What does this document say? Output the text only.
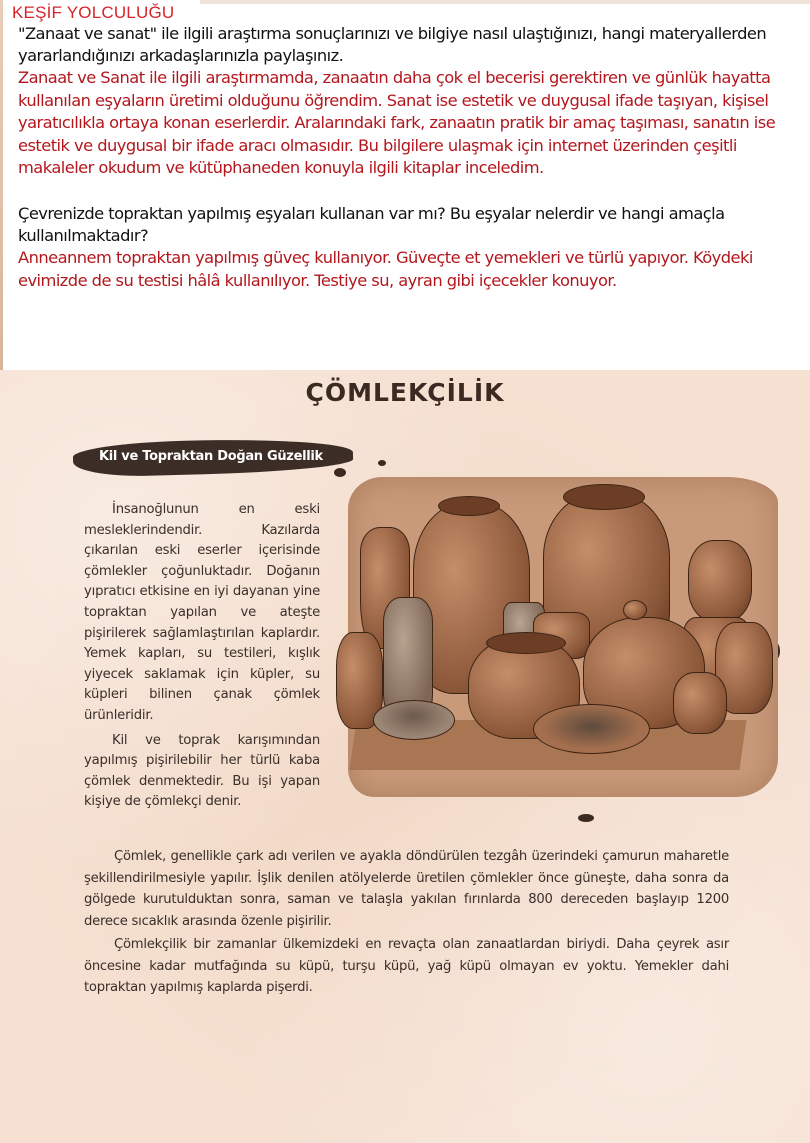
KEŞİF YOLCULUĞU
"Zanaat ve sanat" ile ilgili araştırma sonuçlarınızı ve bilgiye nasıl ulaştığınızı, hangi materyallerden yararlandığınızı arkadaşlarınızla paylaşınız.
Zanaat ve Sanat ile ilgili araştırmamda, zanaatın daha çok el becerisi gerektiren ve günlük hayatta kullanılan eşyaların üretimi olduğunu öğrendim. Sanat ise estetik ve duygusal ifade taşıyan, kişisel yaratıcılıkla ortaya konan eserlerdir. Aralarındaki fark, zanaatın pratik bir amaç taşıması, sanatın ise estetik ve duygusal bir ifade aracı olmasıdır. Bu bilgilere ulaşmak için internet üzerinden çeşitli makaleler okudum ve kütüphaneden konuyla ilgili kitaplar inceledim.
Çevrenizde topraktan yapılmış eşyaları kullanan var mı? Bu eşyalar nelerdir ve hangi amaçla kullanılmaktadır?
Anneannem topraktan yapılmış güveç kullanıyor. Güveçte et yemekleri ve türlü yapıyor. Köydeki evimizde de su testisi hâlâ kullanılıyor. Testiye su, ayran gibi içecekler konuyor.
ÇÖMLEKÇİLİK
Kil ve Topraktan Doğan Güzellik

İnsanoğlunun en eski mesleklerindendir. Kazılarda çıkarılan eski eserler içerisinde çömlekler çoğunluktadır. Doğanın yıpratıcı etkisine en iyi dayanan yine topraktan yapılan ve ateşte pişirilerek sağlamlaştırılan kaplardır. Yemek kapları, su testileri, kışlık yiyecek saklamak için küpler, su küpleri bilinen çanak çömlek ürünleridir.

Kil ve toprak karışımından yapılmış pişirilebilir her türlü kaba çömlek denmektedir. Bu işi yapan kişiye de çömlekçi denir.

Çömlek, genellikle çark adı verilen ve ayakla döndürülen tezgâh üzerindeki çamurun maharetle şekillendirilmesiyle yapılır. İşlik denilen atölyelerde üretilen çömlekler önce güneşte, daha sonra da gölgede kurutulduktan sonra, saman ve talaşla yakılan fırınlarda 800 dereceden başlayıp 1200 derece sıcaklık arasında özenle pişirilir.

Çömlekçilik bir zamanlar ülkemizdeki en revaçta olan zanaatlardan biriydi. Daha çeyrek asır öncesine kadar mutfağında su küpü, turşu küpü, yağ küpü olmayan ev yoktu. Yemekler dahi topraktan yapılmış kaplarda pişerdi.
